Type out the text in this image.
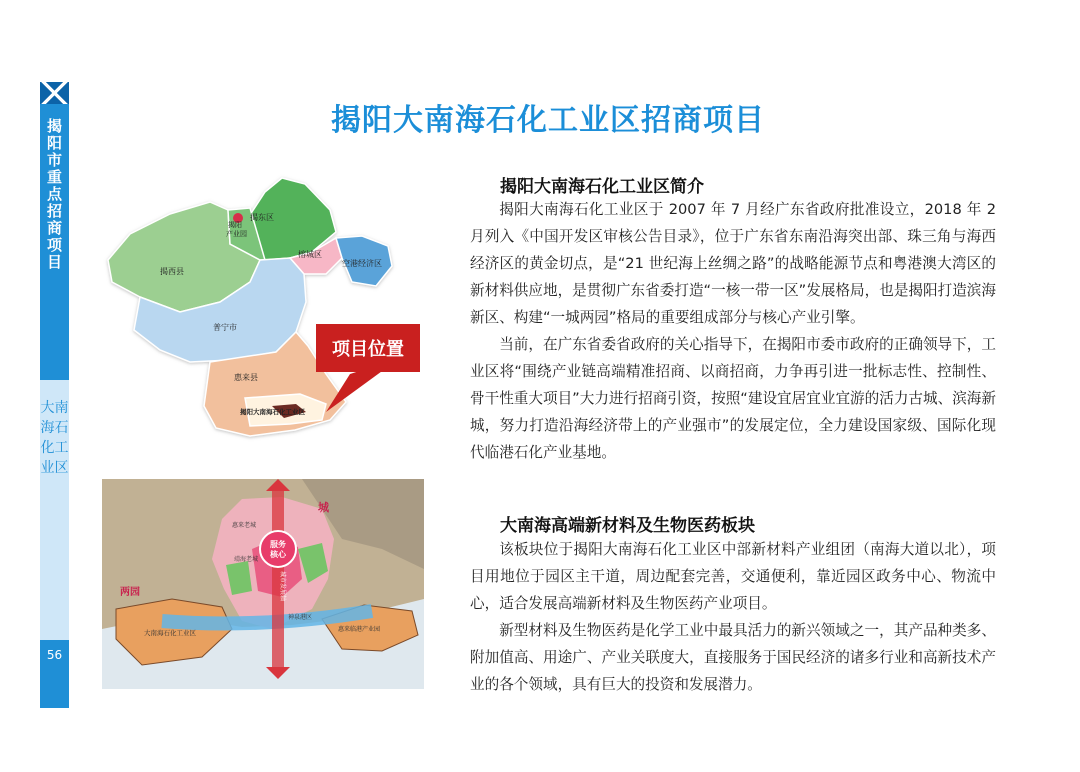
揭阳市重点招商项目
大南海石化工业区
56
揭阳大南海石化工业区招商项目
揭东区
揭西县
揭阳
产业园
榕城区
空港经济区
普宁市
惠来县
揭阳大南海石化工业区
项目位置
服务
核心
城
两园
惠来老城
靖海老城
大南海石化工业区	惠来临港产业园
神泉港区
城市发展轴
揭阳大南海石化工业区简介

揭阳大南海石化工业区于 2007 年 7 月经广东省政府批准设立，2018 年 2 月列入《中国开发区审核公告目录》，位于广东省东南沿海突出部、珠三角与海西经济区的黄金切点，是“21 世纪海上丝绸之路”的战略能源节点和粤港澳大湾区的新材料供应地，是贯彻广东省委打造“一核一带一区”发展格局，也是揭阳打造滨海新区、构建“一城两园”格局的重要组成部分与核心产业引擎。

当前，在广东省委省政府的关心指导下，在揭阳市委市政府的正确领导下，工业区将“围绕产业链高端精准招商、以商招商，力争再引进一批标志性、控制性、骨干性重大项目”大力进行招商引资，按照“建设宜居宜业宜游的活力古城、滨海新城，努力打造沿海经济带上的产业强市”的发展定位，全力建设国家级、国际化现代临港石化产业基地。

大南海高端新材料及生物医药板块

该板块位于揭阳大南海石化工业区中部新材料产业组团（南海大道以北），项目用地位于园区主干道，周边配套完善，交通便利，靠近园区政务中心、物流中心，适合发展高端新材料及生物医药产业项目。

新型材料及生物医药是化学工业中最具活力的新兴领域之一，其产品种类多、附加值高、用途广、产业关联度大，直接服务于国民经济的诸多行业和高新技术产业的各个领域，具有巨大的投资和发展潜力。
